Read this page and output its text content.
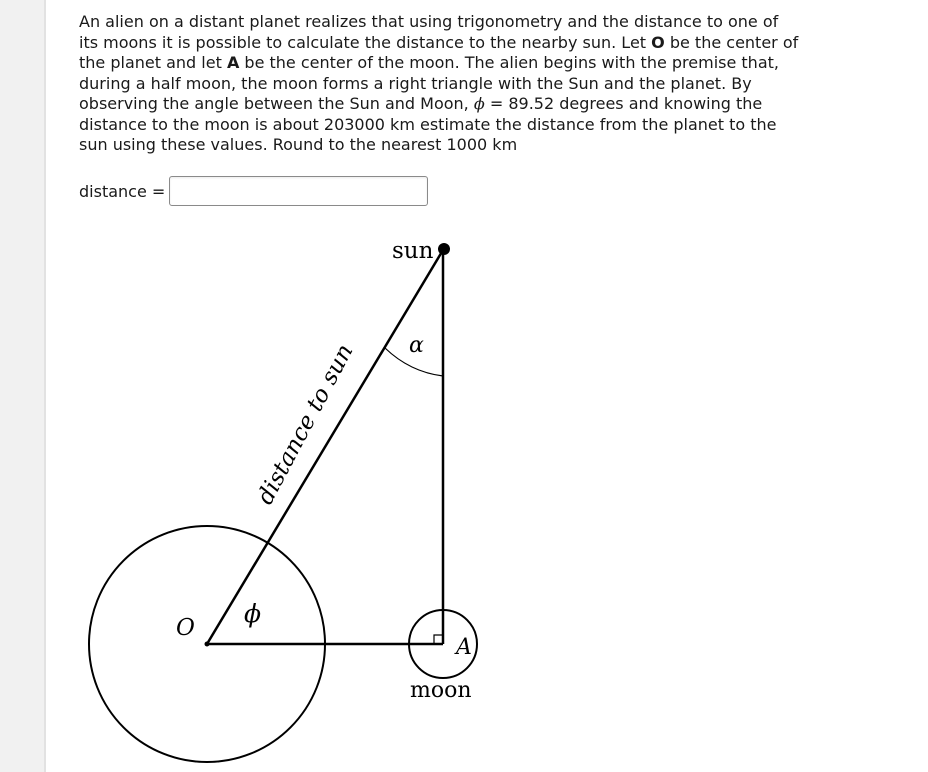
An alien on a distant planet realizes that using trigonometry and the distance to one of its moons it is possible to calculate the distance to the nearby sun. Let O be the center of the planet and let A be the center of the moon. The alien begins with the premise that, during a half moon, the moon forms a right triangle with the Sun and the planet. By observing the angle between the Sun and Moon, ϕ = 89.52 degrees and knowing the distance to the moon is about 203000 km estimate the distance from the planet to the sun using these values. Round to the nearest 1000 km
distance =
sun
α
distance to sun
O ϕ
A
moon
